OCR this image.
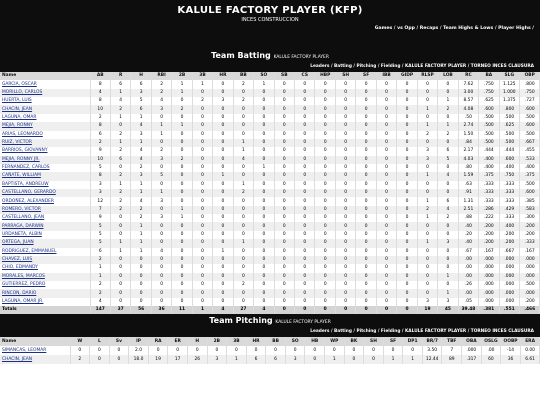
KALULE FACTORY PLAYER (KFP)
INCES CONSTRUCCION
Games / vs Opp / Recaps / Team Highs & Lows / Player Highs /
Team Batting KALULE FACTORY PLAYER
Leaders / Batting / Pitching / Fielding / KALULE FACTORY PLAYER / TORNEO INCES CLAUSURA
Name	AB	R	H	RBI	2B	3B	HR	BB	SO	SB	CS	HBP	SH	SF	IBB	GIDP	RLSP	LOB	RC	BA	SLG	OBP
GARCIA, OSCAR	8	6	6	2	1	1	0	2	1	0	0	0	0	0	0	0	0	0	7.62	.750	1.125	.800
MORILLO, CARLOS	4	1	3	2	1	0	0	0	0	0	0	0	0	0	0	0	0	0	3.00	.750	1.000	.750
HUERTA, LUIS	8	4	5	4	0	2	3	2	0	0	0	0	0	0	0	0	0	1	8.57	.625	1.375	.727
CHACIN, JEAN	10	2	6	3	2	0	0	0	0	0	0	0	0	0	0	0	1	2	4.08	.600	.800	.600
LAGUNA, OMAR	2	1	1	0	0	0	0	0	0	0	0	0	0	0	0	0	0	0	.50	.500	.500	.500
MEJIA, RONNY	8	0	4	1	1	0	0	0	0	0	0	0	0	0	0	0	1	1	2.74	.500	.625	.600
ARIAS, LEONARDO	6	2	3	1	0	0	0	0	0	0	0	0	0	0	0	0	2	2	1.50	.500	.500	.500
RUIZ, VICTOR	2	1	1	0	0	0	0	1	0	0	0	0	0	0	0	0	0	0	.84	.500	.500	.667
BARRIOS, GIOVANNY	9	2	4	2	0	0	0	1	0	0	0	0	0	0	0	0	3	6	2.17	.444	.444	.455
MEJIA, RONNY JR.	10	6	4	3	2	0	0	4	0	0	0	0	0	0	0	0	3	5	4.03	.400	.600	.533
FERNANDEZ, CARLOS	5	0	2	0	0	0	0	0	1	0	0	0	0	0	0	0	0	0	.80	.400	.400	.400
CAÑATE, WILLIAM	8	2	3	5	0	0	1	0	0	0	0	0	0	0	0	0	1	4	1.59	.375	.750	.375
BAPTISTA, ANDREUW	3	1	1	0	0	0	0	1	0	0	0	0	0	0	0	0	0	0	.63	.333	.333	.500
CASTELLANO, GERARDO	3	2	1	1	0	0	0	2	0	0	0	0	0	0	0	0	0	0	.91	.333	.333	.600
ORDOÑEZ, ALEXANDER	12	2	4	3	0	0	0	0	0	0	0	0	0	0	0	0	1	6	1.31	.333	.333	.385
ROMERO, VICTOR	7	2	2	0	1	0	0	0	0	0	0	0	0	0	0	0	2	4	2.51	.286	.429	.583
CASTELLANO, JEAN	9	0	2	3	1	0	0	0	0	0	0	0	0	0	0	0	1	2	.88	.222	.333	.300
PARRAGA, DARWIN	5	0	1	0	0	0	0	0	0	0	0	0	0	0	0	0	0	0	.40	.200	.400	.200
URDANETA, ALBIN	5	0	1	0	0	0	0	0	0	0	0	0	0	0	0	0	0	0	.20	.200	.200	.200
ORTEGA, JUAN	5	1	1	0	0	0	0	1	0	0	0	0	0	0	0	0	1	3	.40	.200	.200	.333
RODRIGUEZ, EMMANUEL	6	1	1	4	0	0	1	0	0	0	0	0	0	0	0	0	0	0	.67	.167	.667	.167
CHAVEZ, LUIS	2	0	0	0	0	0	0	0	0	0	0	0	0	0	0	0	0	0	.00	.000	.000	.000
CHIO, EDMANDY	1	0	0	0	0	0	0	0	0	0	0	0	0	0	0	0	0	0	.00	.000	.000	.000
MORALES, MARCOS	1	0	0	0	0	0	0	0	0	0	0	0	0	0	0	0	0	1	.00	.000	.000	.000
GUTIERREZ, PEDRO	2	0	0	0	0	0	0	2	0	0	0	0	0	0	0	0	0	0	.26	.000	.000	.500
RINCON, DARIO	2	0	0	0	0	0	0	0	0	0	0	0	0	0	0	0	0	1	.00	.000	.000	.000
LAGUNA, OMAR JR.	4	0	0	0	0	0	0	0	0	0	0	0	0	0	0	0	3	3	.05	.000	.000	.200
Totals	147	37	56	36	11	1	4	27	4	0	0	0	0	0	0	0	19	45	39.48	.381	.551	.466
Team Pitching KALULE FACTORY PLAYER
Leaders / Batting / Pitching / Fielding / KALULE FACTORY PLAYER / TORNEO INCES CLAUSURA
Name	W	L	Sv	IP	RA	ER	H	2B	3B	HR	BB	SO	HB	WP	BK	SH	SF	DP1	BR/7	TBF	OBA	OSLG	OOBP	ERA
SIMANCAS, LEOMAR	0	0	0	2.0	0	0	0	0	0	0	0	0	0	0	0	0	0	0	3.50	7	.000	.00	-14	0.00
CHACIN, JEAN	2	0	0	18.0	19	17	26	3	1	6	6	3	0	1	0	0	1	1	12.44	89	.317	60	36	6.61
